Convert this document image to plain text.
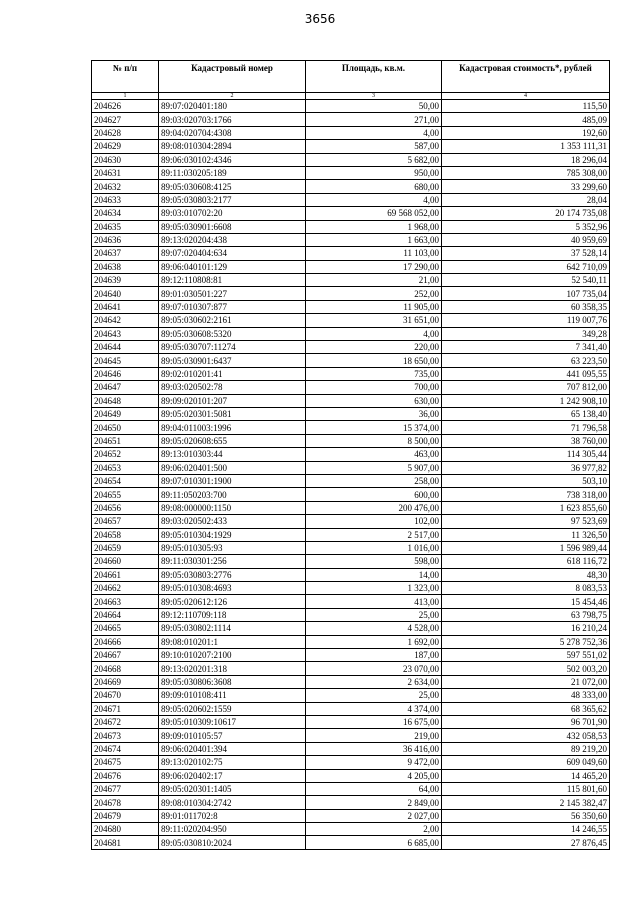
3656
№ п/п	Кадастровый номер	Площадь, кв.м.	Кадастровая стоимость*, рублей
1	2	3	4
204626	89:07:020401:180	50,00	115,50
204627	89:03:020703:1766	271,00	485,09
204628	89:04:020704:4308	4,00	192,60
204629	89:08:010304:2894	587,00	1 353 111,31
204630	89:06:030102:4346	5 682,00	18 296,04
204631	89:11:030205:189	950,00	785 308,00
204632	89:05:030608:4125	680,00	33 299,60
204633	89:05:030803:2177	4,00	28,04
204634	89:03:010702:20	69 568 052,00	20 174 735,08
204635	89:05:030901:6608	1 968,00	5 352,96
204636	89:13:020204:438	1 663,00	40 959,69
204637	89:07:020404:634	11 103,00	37 528,14
204638	89:06:040101:129	17 290,00	642 710,09
204639	89:12:110808:81	21,00	52 540,11
204640	89:01:030501:227	252,00	107 735,04
204641	89:07:010307:877	11 905,00	60 358,35
204642	89:05:030602:2161	31 651,00	119 007,76
204643	89:05:030608:5320	4,00	349,28
204644	89:05:030707:11274	220,00	7 341,40
204645	89:05:030901:6437	18 650,00	63 223,50
204646	89:02:010201:41	735,00	441 095,55
204647	89:03:020502:78	700,00	707 812,00
204648	89:09:020101:207	630,00	1 242 908,10
204649	89:05:020301:5081	36,00	65 138,40
204650	89:04:011003:1996	15 374,00	71 796,58
204651	89:05:020608:655	8 500,00	38 760,00
204652	89:13:010303:44	463,00	114 305,44
204653	89:06:020401:500	5 907,00	36 977,82
204654	89:07:010301:1900	258,00	503,10
204655	89:11:050203:700	600,00	738 318,00
204656	89:08:000000:1150	200 476,00	1 623 855,60
204657	89:03:020502:433	102,00	97 523,69
204658	89:05:010304:1929	2 517,00	11 326,50
204659	89:05:010305:93	1 016,00	1 596 989,44
204660	89:11:030301:256	598,00	618 116,72
204661	89:05:030803:2776	14,00	48,30
204662	89:05:010308:4693	1 323,00	8 083,53
204663	89:05:020612:126	413,00	15 454,46
204664	89:12:110709:118	25,00	63 798,75
204665	89:05:030802:1114	4 528,00	16 210,24
204666	89:08:010201:1	1 692,00	5 278 752,36
204667	89:10:010207:2100	187,00	597 551,02
204668	89:13:020201:318	23 070,00	502 003,20
204669	89:05:030806:3608	2 634,00	21 072,00
204670	89:09:010108:411	25,00	48 333,00
204671	89:05:020602:1559	4 374,00	68 365,62
204672	89:05:010309:10617	16 675,00	96 701,90
204673	89:09:010105:57	219,00	432 058,53
204674	89:06:020401:394	36 416,00	89 219,20
204675	89:13:020102:75	9 472,00	609 049,60
204676	89:06:020402:17	4 205,00	14 465,20
204677	89:05:020301:1405	64,00	115 801,60
204678	89:08:010304:2742	2 849,00	2 145 382,47
204679	89:01:011702:8	2 027,00	56 350,60
204680	89:11:020204:950	2,00	14 246,55
204681	89:05:030810:2024	6 685,00	27 876,45
